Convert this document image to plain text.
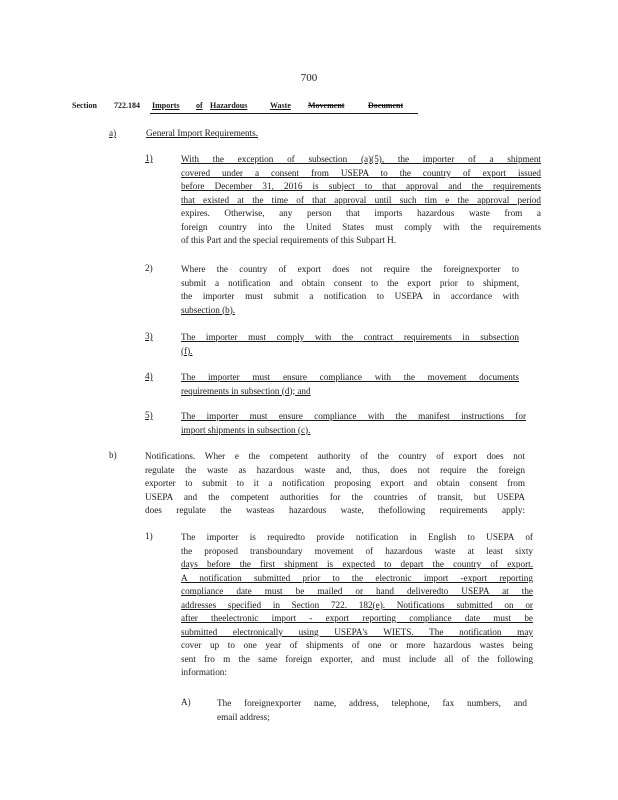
700
Section 722.184 Imports of Hazardous	Waste Movement	Document
a)	General Import Requirements.
1)	With the exception of subsection (a)(5), the importer of a shipment
covered under a consent from USEPA to the country of export issued
before December 31, 2016 is subject to that approval and the requirements
that existed at the time of that approval until such tim e the approval period
expires. Otherwise, any person that imports hazardous waste from a
foreign country into the United States must comply with the requirements
of this Part and the special requirements of this Subpart H.
2)	Where the country of export does not require the foreignexporter to
submit a notification and obtain consent to the export prior to shipment,
the importer must submit a notification to USEPA in accordance with
subsection (b).
3)	The importer must comply with the contract requirements in subsection
(f).
4)	The importer must ensure compliance with the movement documents
requirements in subsection (d); and
5)	The importer must ensure compliance with the manifest instructions for
import shipments in subsection (c).
b)	Notifications. Wher e the competent authority of the country of export does not
regulate the waste as hazardous waste and, thus, does not require the foreign
exporter to submit to it a notification proposing export and obtain consent from
USEPA and the competent authorities for the countries of transit, but USEPA
does regulate the wasteas hazardous waste, thefollowing requirements apply:
1)	The importer is requiredto provide notification in English to USEPA of
the proposed transboundary movement of hazardous waste at least sixty
days before the first shipment is expected to depart the country of export.
A notification submitted prior to the electronic import -export reporting
compliance date must be mailed or hand deliveredto USEPA at the
addresses specified in Section 722. 182(e). Notifications submitted on or
after theelectronic import - export reporting compliance date must be
submitted electronically using USEPA's WIETS. The notification may
cover up to one year of shipments of one or more hazardous wastes being
sent fro m the same foreign exporter, and must include all of the following
information:
A)	The foreignexporter name, address, telephone, fax numbers, and
email address;
